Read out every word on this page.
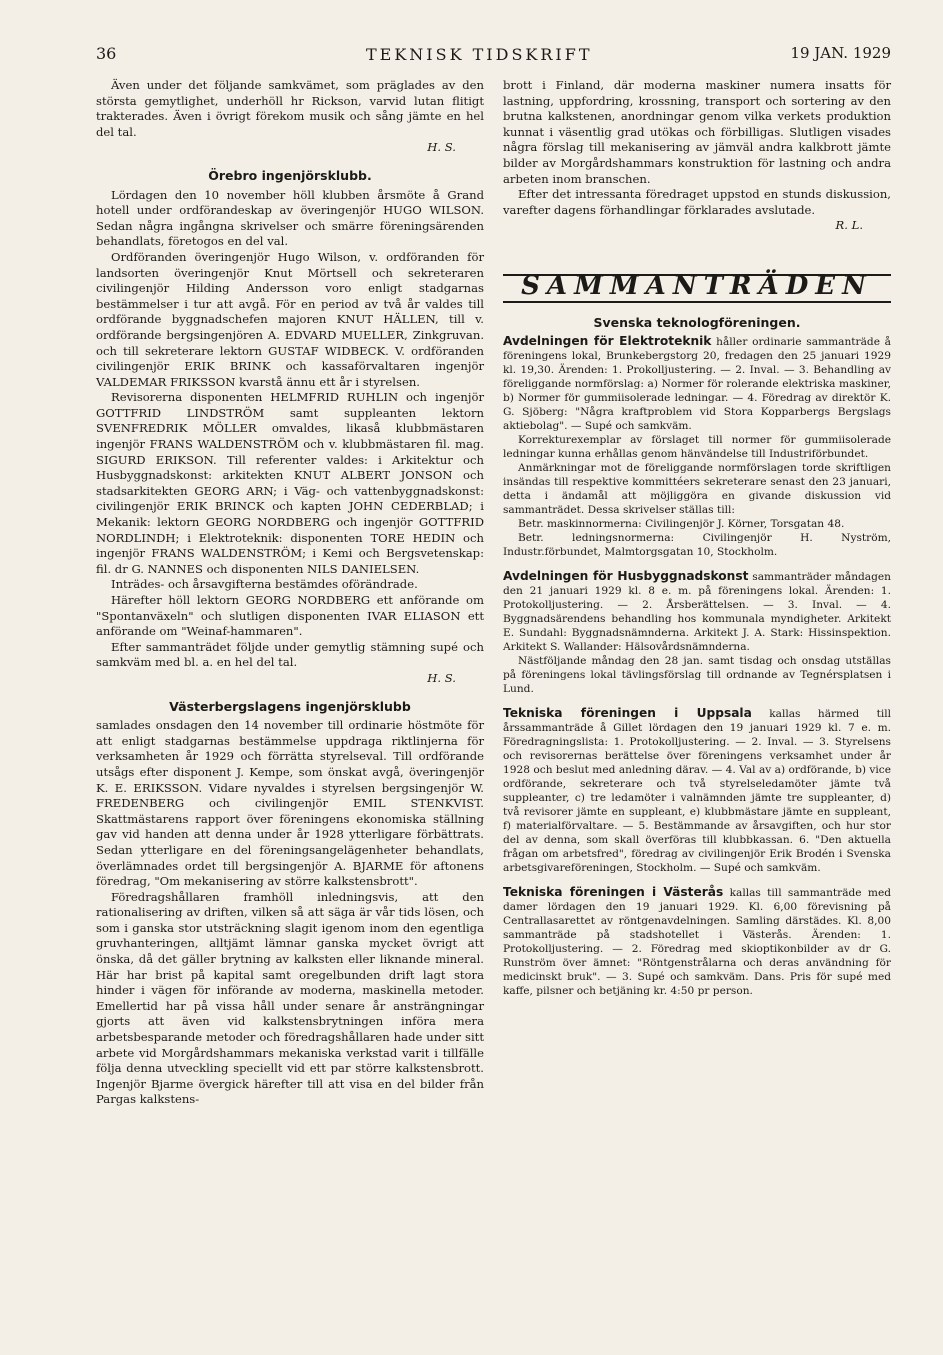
36	TEKNISK TIDSKRIFT	19 JAN. 1929

Även under det följande samkvämet, som präglades av den största gemytlighet, underhöll hr Rickson, varvid lutan flitigt trakterades. Även i övrigt förekom musik och sång jämte en hel del tal.

H. S.

Örebro ingenjörsklubb.

Lördagen den 10 november höll klubben årsmöte å Grand hotell under ordförandeskap av överingenjör HUGO WILSON. Sedan några ingångna skrivelser och smärre föreningsärenden behandlats, företogos en del val.

Ordföranden överingenjör Hugo Wilson, v. ordföranden för landsorten överingenjör Knut Mörtsell och sekreteraren civilingenjör Hilding Andersson voro enligt stadgarnas bestämmelser i tur att avgå. För en period av två år valdes till ordförande byggnadschefen majoren KNUT HÄLLEN, till v. ordförande bergsingenjören A. EDVARD MUELLER, Zinkgruvan. och till sekreterare lektorn GUSTAF WIDBECK. V. ordföranden civilingenjör ERIK BRINK och kassaförvaltaren ingenjör VALDEMAR FRIKSSON kvarstå ännu ett år i styrelsen.

Revisorerna disponenten HELMFRID RUHLIN och ingenjör GOTTFRID LINDSTRÖM samt suppleanten lektorn SVENFREDRIK MÖLLER omvaldes, likaså klubbmästaren ingenjör FRANS WALDENSTRÖM och v. klubbmästaren fil. mag. SIGURD ERIKSON. Till referenter valdes: i Arkitektur och Husbyggnadskonst: arkitekten KNUT ALBERT JONSON och stadsarkitekten GEORG ARN; i Väg- och vattenbyggnadskonst: civilingenjör ERIK BRINCK och kapten JOHN CEDERBLAD; i Mekanik: lektorn GEORG NORDBERG och ingenjör GOTTFRID NORDLINDH; i Elektroteknik: disponenten TORE HEDIN och ingenjör FRANS WALDENSTRÖM; i Kemi och Bergsvetenskap: fil. dr G. NANNES och disponenten NILS DANIELSEN.

Inträdes- och årsavgifterna bestämdes oförändrade.

Härefter höll lektorn GEORG NORDBERG ett anförande om "Spontanväxeln" och slutligen disponenten IVAR ELIASON ett anförande om "Weinaf-hammaren".

Efter sammanträdet följde under gemytlig stämning supé och samkväm med bl. a. en hel del tal.

H. S.

Västerbergslagens ingenjörsklubb

samlades onsdagen den 14 november till ordinarie höstmöte för att enligt stadgarnas bestämmelse uppdraga riktlinjerna för verksamheten år 1929 och förrätta styrelseval. Till ordförande utsågs efter disponent J. Kempe, som önskat avgå, överingenjör K. E. ERIKSSON. Vidare nyvaldes i styrelsen bergsingenjör W. FREDENBERG och civilingenjör EMIL STENKVIST. Skattmästarens rapport över föreningens ekonomiska ställning gav vid handen att denna under år 1928 ytterligare förbättrats. Sedan ytterligare en del föreningsangelägenheter behandlats, överlämnades ordet till bergsingenjör A. BJARME för aftonens föredrag, "Om mekanisering av större kalkstensbrott".

Föredragshållaren framhöll inledningsvis, att den rationalisering av driften, vilken så att säga är vår tids lösen, och som i ganska stor utsträckning slagit igenom inom den egentliga gruvhanteringen, alltjämt lämnar ganska mycket övrigt att önska, då det gäller brytning av kalksten eller liknande mineral. Här har brist på kapital samt oregelbunden drift lagt stora hinder i vägen för införande av moderna, maskinella metoder. Emellertid har på vissa håll under senare år ansträngningar gjorts att även vid kalkstensbrytningen införa mera arbetsbesparande metoder och föredragshållaren hade under sitt arbete vid Morgårdshammars mekaniska verkstad varit i tillfälle följa denna utveckling speciellt vid ett par större kalkstensbrott. Ingenjör Bjarme övergick härefter till att visa en del bilder från Pargas kalkstens-

brott i Finland, där moderna maskiner numera insatts för lastning, uppfordring, krossning, transport och sortering av den brutna kalkstenen, anordningar genom vilka verkets produktion kunnat i väsentlig grad utökas och förbilligas. Slutligen visades några förslag till mekanisering av jämväl andra kalkbrott jämte bilder av Morgårdshammars konstruktion för lastning och andra arbeten inom branschen.

Efter det intressanta föredraget uppstod en stunds diskussion, varefter dagens förhandlingar förklarades avslutade.

R. L.

SAMMANTRÄDEN
Svenska teknologföreningen.

Avdelningen för Elektroteknik håller ordinarie sammanträde å föreningens lokal, Brunkebergstorg 20, fredagen den 25 januari 1929 kl. 19,30. Ärenden: 1. Prokolljustering. — 2. Inval. — 3. Behandling av föreliggande normförslag: a) Normer för rolerande elektriska maskiner, b) Normer för gummiisolerade ledningar. — 4. Föredrag av direktör K. G. Sjöberg: "Några kraftproblem vid Stora Kopparbergs Bergslags aktiebolag". — Supé och samkväm.

Korrekturexemplar av förslaget till normer för gummiisolerade ledningar kunna erhållas genom hänvändelse till Industriförbundet.

Anmärkningar mot de föreliggande normförslagen torde skriftligen insändas till respektive kommittéers sekreterare senast den 23 januari, detta i ändamål att möjliggöra en givande diskussion vid sammanträdet. Dessa skrivelser ställas till:

Betr. maskinnormerna: Civilingenjör J. Körner, Torsgatan 48.

Betr. ledningsnormerna: Civilingenjör H. Nyström, Industr.förbundet, Malmtorgsgatan 10, Stockholm.

Avdelningen för Husbyggnadskonst sammanträder måndagen den 21 januari 1929 kl. 8 e. m. på föreningens lokal. Ärenden: 1. Protokolljustering. — 2. Årsberättelsen. — 3. Inval. — 4. Byggnadsärendens behandling hos kommunala myndigheter. Arkitekt E. Sundahl: Byggnadsnämnderna. Arkitekt J. A. Stark: Hissinspektion. Arkitekt S. Wallander: Hälsovårdsnämnderna.

Nästföljande måndag den 28 jan. samt tisdag och onsdag utställas på föreningens lokal tävlingsförslag till ordnande av Tegnérsplatsen i Lund.

Tekniska föreningen i Uppsala kallas härmed till årssammanträde å Gillet lördagen den 19 januari 1929 kl. 7 e. m. Föredragningslista: 1. Protokolljustering. — 2. Inval. — 3. Styrelsens och revisorernas berättelse över föreningens verksamhet under år 1928 och beslut med anledning därav. — 4. Val av a) ordförande, b) vice ordförande, sekreterare och två styrelseledamöter jämte två suppleanter, c) tre ledamöter i valnämnden jämte tre suppleanter, d) två revisorer jämte en suppleant, e) klubbmästare jämte en suppleant, f) materialförvaltare. — 5. Bestämmande av årsavgiften, och hur stor del av denna, som skall överföras till klubbkassan. 6. "Den aktuella frågan om arbetsfred", föredrag av civilingenjör Erik Brodén i Svenska arbetsgivareföreningen, Stockholm. — Supé och samkväm.

Tekniska föreningen i Västerås kallas till sammanträde med damer lördagen den 19 januari 1929. Kl. 6,00 förevisning på Centrallasarettet av röntgenavdelningen. Samling därstädes. Kl. 8,00 sammanträde på stadshotellet i Västerås. Ärenden: 1. Protokolljustering. — 2. Föredrag med skioptikonbilder av dr G. Runström över ämnet: "Röntgenstrålarna och deras användning för medicinskt bruk". — 3. Supé och samkväm. Dans. Pris för supé med kaffe, pilsner och betjäning kr. 4:50 pr person.
